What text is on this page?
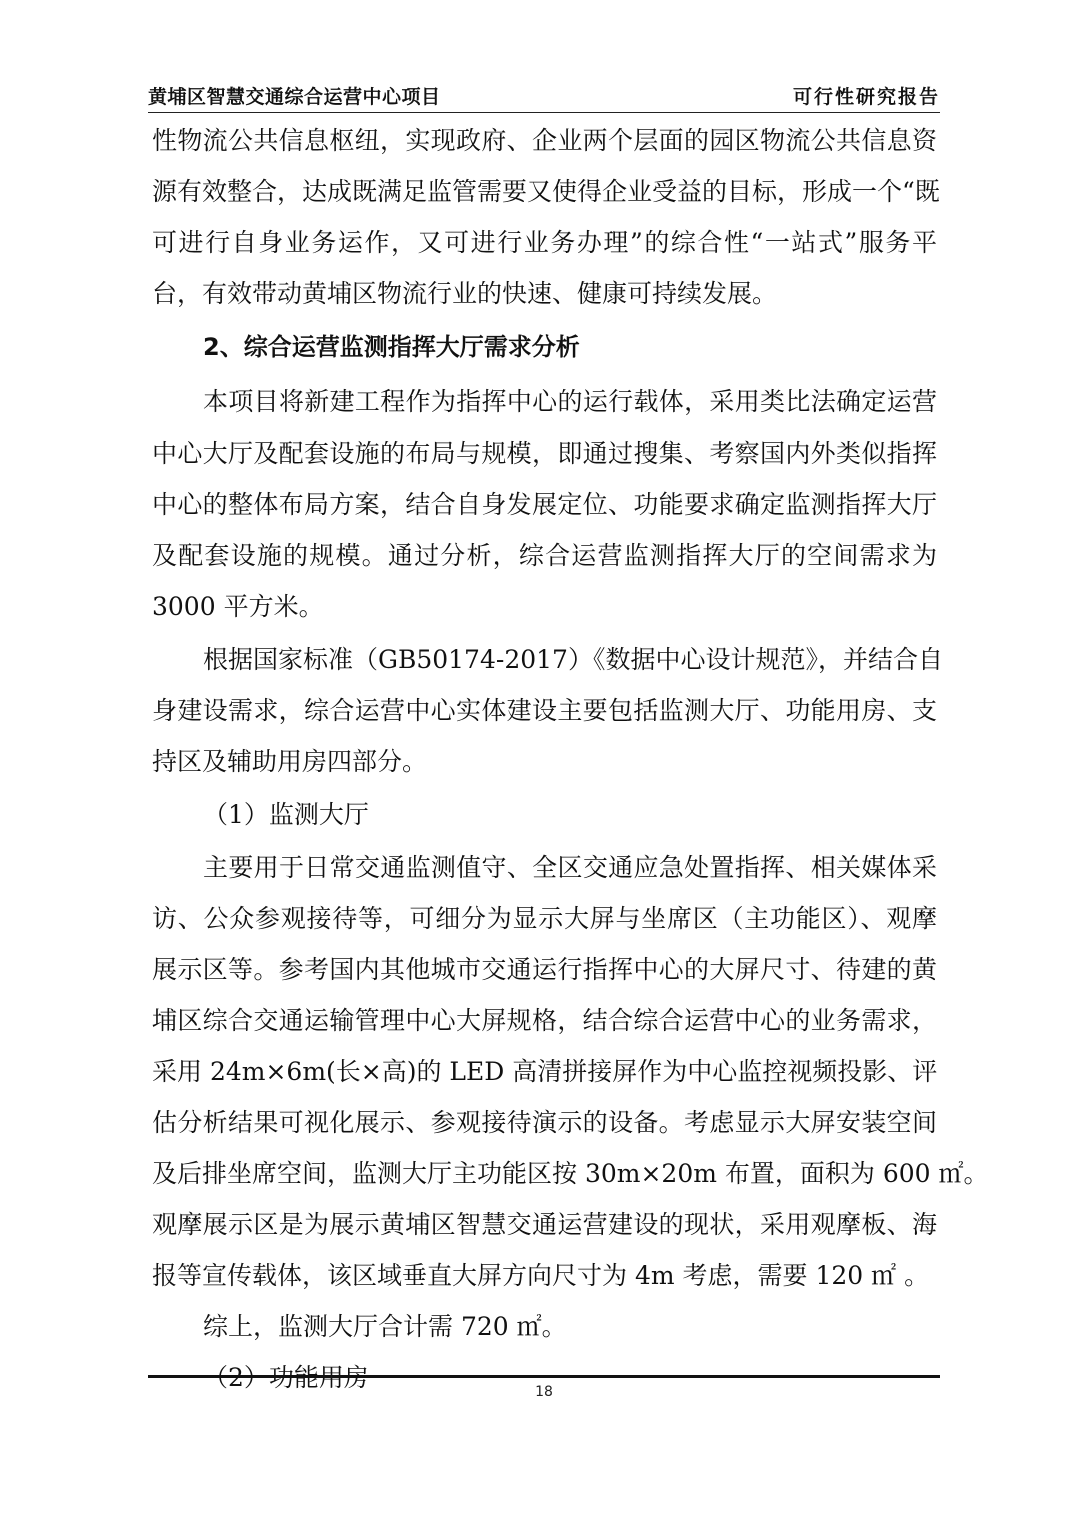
黄埔区智慧交通综合运营中心项目	可行性研究报告
性物流公共信息枢纽，实现政府、企业两个层面的园区物流公共信息资
源有效整合，达成既满足监管需要又使得企业受益的目标，形成一个“既
可进行自身业务运作，又可进行业务办理”的综合性“一站式”服务平
台，有效带动黄埔区物流行业的快速、健康可持续发展。
2、综合运营监测指挥大厅需求分析
本项目将新建工程作为指挥中心的运行载体，采用类比法确定运营
中心大厅及配套设施的布局与规模，即通过搜集、考察国内外类似指挥
中心的整体布局方案，结合自身发展定位、功能要求确定监测指挥大厅
及配套设施的规模。通过分析，综合运营监测指挥大厅的空间需求为
3000 平方米。
根据国家标准（GB50174-2017）《数据中心设计规范》，并结合自
身建设需求，综合运营中心实体建设主要包括监测大厅、功能用房、支
持区及辅助用房四部分。
（1）监测大厅
主要用于日常交通监测值守、全区交通应急处置指挥、相关媒体采
访、公众参观接待等，可细分为显示大屏与坐席区（主功能区）、观摩
展示区等。参考国内其他城市交通运行指挥中心的大屏尺寸、待建的黄
埔区综合交通运输管理中心大屏规格，结合综合运营中心的业务需求，
采用 24m×6m(长×高)的 LED 高清拼接屏作为中心监控视频投影、评
估分析结果可视化展示、参观接待演示的设备。考虑显示大屏安装空间
及后排坐席空间，监测大厅主功能区按 30m×20m 布置，面积为 600 ㎡。
观摩展示区是为展示黄埔区智慧交通运营建设的现状，采用观摩板、海
报等宣传载体，该区域垂直大屏方向尺寸为 4m 考虑，需要 120 ㎡ 。
综上，监测大厅合计需 720 ㎡。
（2）功能用房	18
